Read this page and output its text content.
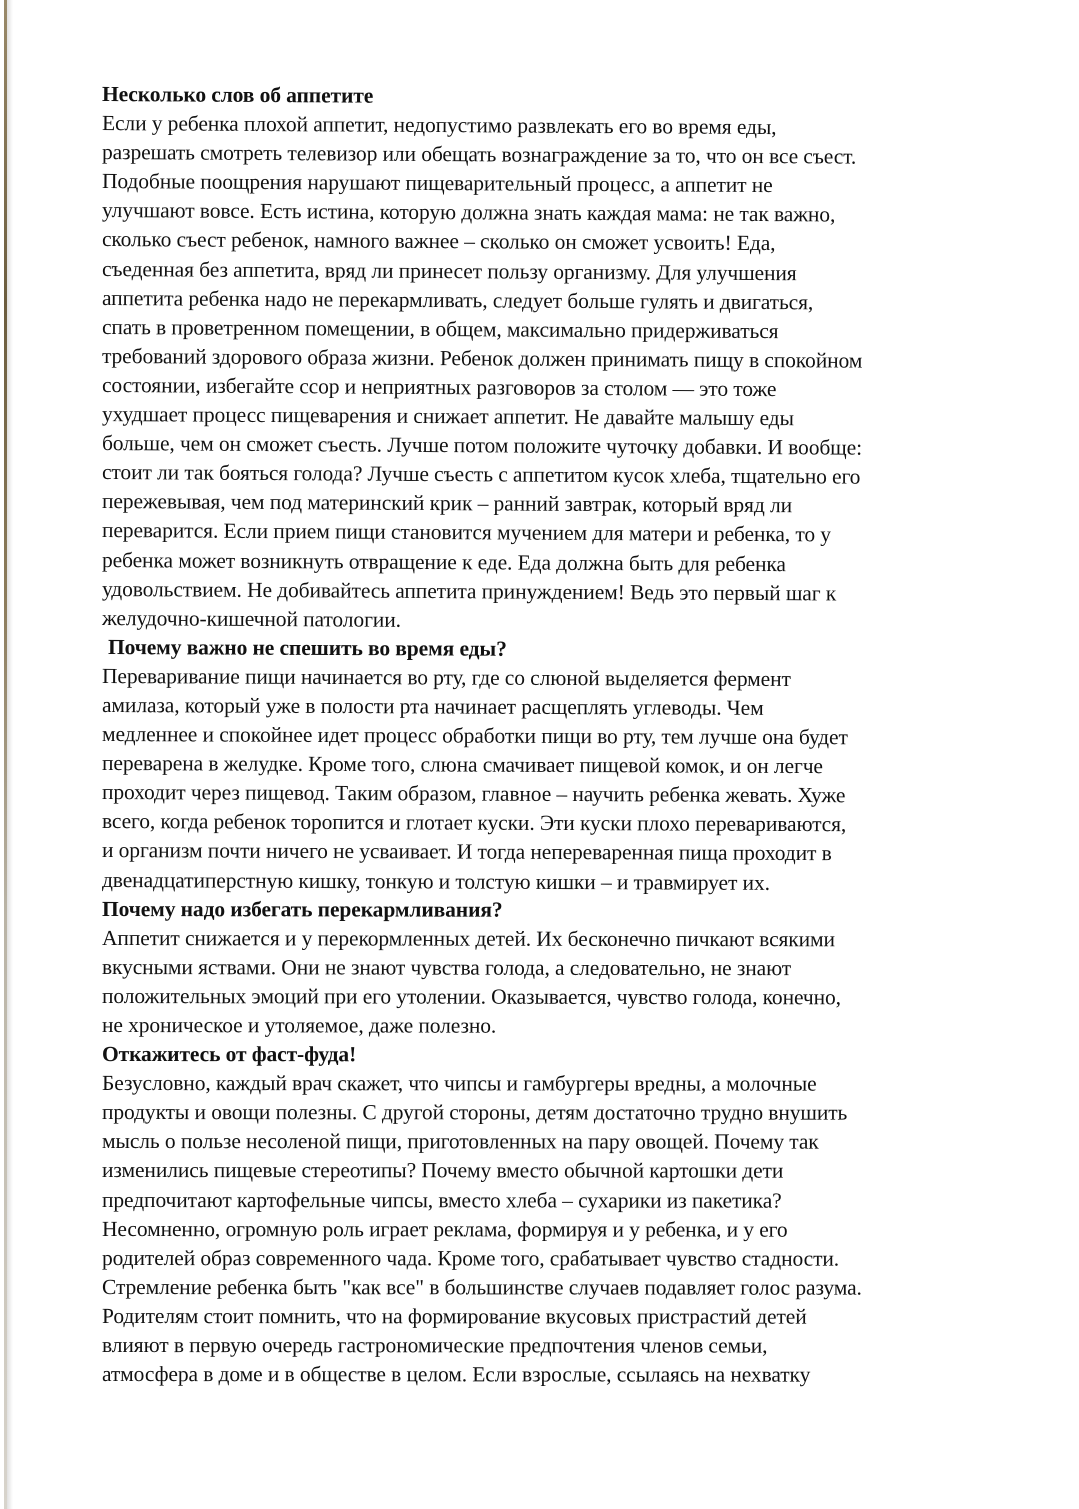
Несколько слов об аппетите
Если у ребенка плохой аппетит, недопустимо развлекать его во время еды,
разрешать смотреть телевизор или обещать вознаграждение за то, что он все съест.
Подобные поощрения нарушают пищеварительный процесс, а аппетит не
улучшают вовсе. Есть истина, которую должна знать каждая мама: не так важно,
сколько съест ребенок, намного важнее – сколько он сможет усвоить! Еда,
съеденная без аппетита, вряд ли принесет пользу организму. Для улучшения
аппетита ребенка надо не перекармливать, следует больше гулять и двигаться,
спать в проветренном помещении, в общем, максимально придерживаться
требований здорового образа жизни. Ребенок должен принимать пищу в спокойном
состоянии, избегайте ссор и неприятных разговоров за столом — это тоже
ухудшает процесс пищеварения и снижает аппетит. Не давайте малышу еды
больше, чем он сможет съесть. Лучше потом положите чуточку добавки. И вообще:
стоит ли так бояться голода? Лучше съесть с аппетитом кусок хлеба, тщательно его
пережевывая, чем под материнский крик – ранний завтрак, который вряд ли
переварится. Если прием пищи становится мучением для матери и ребенка, то у
ребенка может возникнуть отвращение к еде. Еда должна быть для ребенка
удовольствием. Не добивайтесь аппетита принуждением! Ведь это первый шаг к
желудочно-кишечной патологии.
Почему важно не спешить во время еды?
Переваривание пищи начинается во рту, где со слюной выделяется фермент
амилаза, который уже в полости рта начинает расщеплять углеводы. Чем
медленнее и спокойнее идет процесс обработки пищи во рту, тем лучше она будет
переварена в желудке. Кроме того, слюна смачивает пищевой комок, и он легче
проходит через пищевод. Таким образом, главное – научить ребенка жевать. Хуже
всего, когда ребенок торопится и глотает куски. Эти куски плохо перевариваются,
и организм почти ничего не усваивает. И тогда непереваренная пища проходит в
двенадцатиперстную кишку, тонкую и толстую кишки – и травмирует их.
Почему надо избегать перекармливания?
Аппетит снижается и у перекормленных детей. Их бесконечно пичкают всякими
вкусными яствами. Они не знают чувства голода, а следовательно, не знают
положительных эмоций при его утолении. Оказывается, чувство голода, конечно,
не хроническое и утоляемое, даже полезно.
Откажитесь от фаст-фуда!
Безусловно, каждый врач скажет, что чипсы и гамбургеры вредны, а молочные
продукты и овощи полезны. С другой стороны, детям достаточно трудно внушить
мысль о пользе несоленой пищи, приготовленных на пару овощей. Почему так
изменились пищевые стереотипы? Почему вместо обычной картошки дети
предпочитают картофельные чипсы, вместо хлеба – сухарики из пакетика?
Несомненно, огромную роль играет реклама, формируя и у ребенка, и у его
родителей образ современного чада. Кроме того, срабатывает чувство стадности.
Стремление ребенка быть "как все" в большинстве случаев подавляет голос разума.
Родителям стоит помнить, что на формирование вкусовых пристрастий детей
влияют в первую очередь гастрономические предпочтения членов семьи,
атмосфера в доме и в обществе в целом. Если взрослые, ссылаясь на нехватку
